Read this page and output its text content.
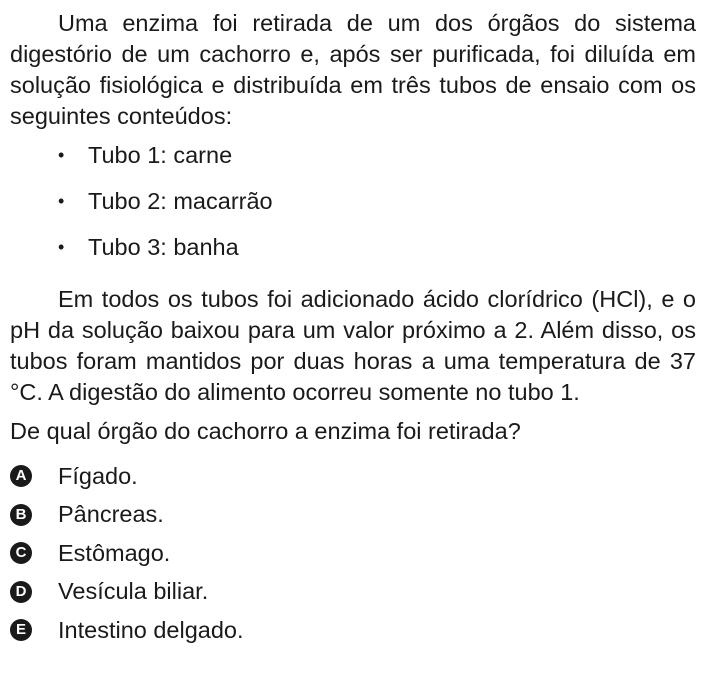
Uma enzima foi retirada de um dos órgãos do sistema digestório de um cachorro e, após ser purificada, foi diluída em solução fisiológica e distribuída em três tubos de ensaio com os seguintes conteúdos:

• Tubo 1: carne
• Tubo 2: macarrão
• Tubo 3: banha

Em todos os tubos foi adicionado ácido clorídrico (HCl), e o pH da solução baixou para um valor próximo a 2. Além disso, os tubos foram mantidos por duas horas a uma temperatura de 37 °C. A digestão do alimento ocorreu somente no tubo 1.

De qual órgão do cachorro a enzima foi retirada?

A Fígado.
B Pâncreas.
C Estômago.
D Vesícula biliar.
E Intestino delgado.
